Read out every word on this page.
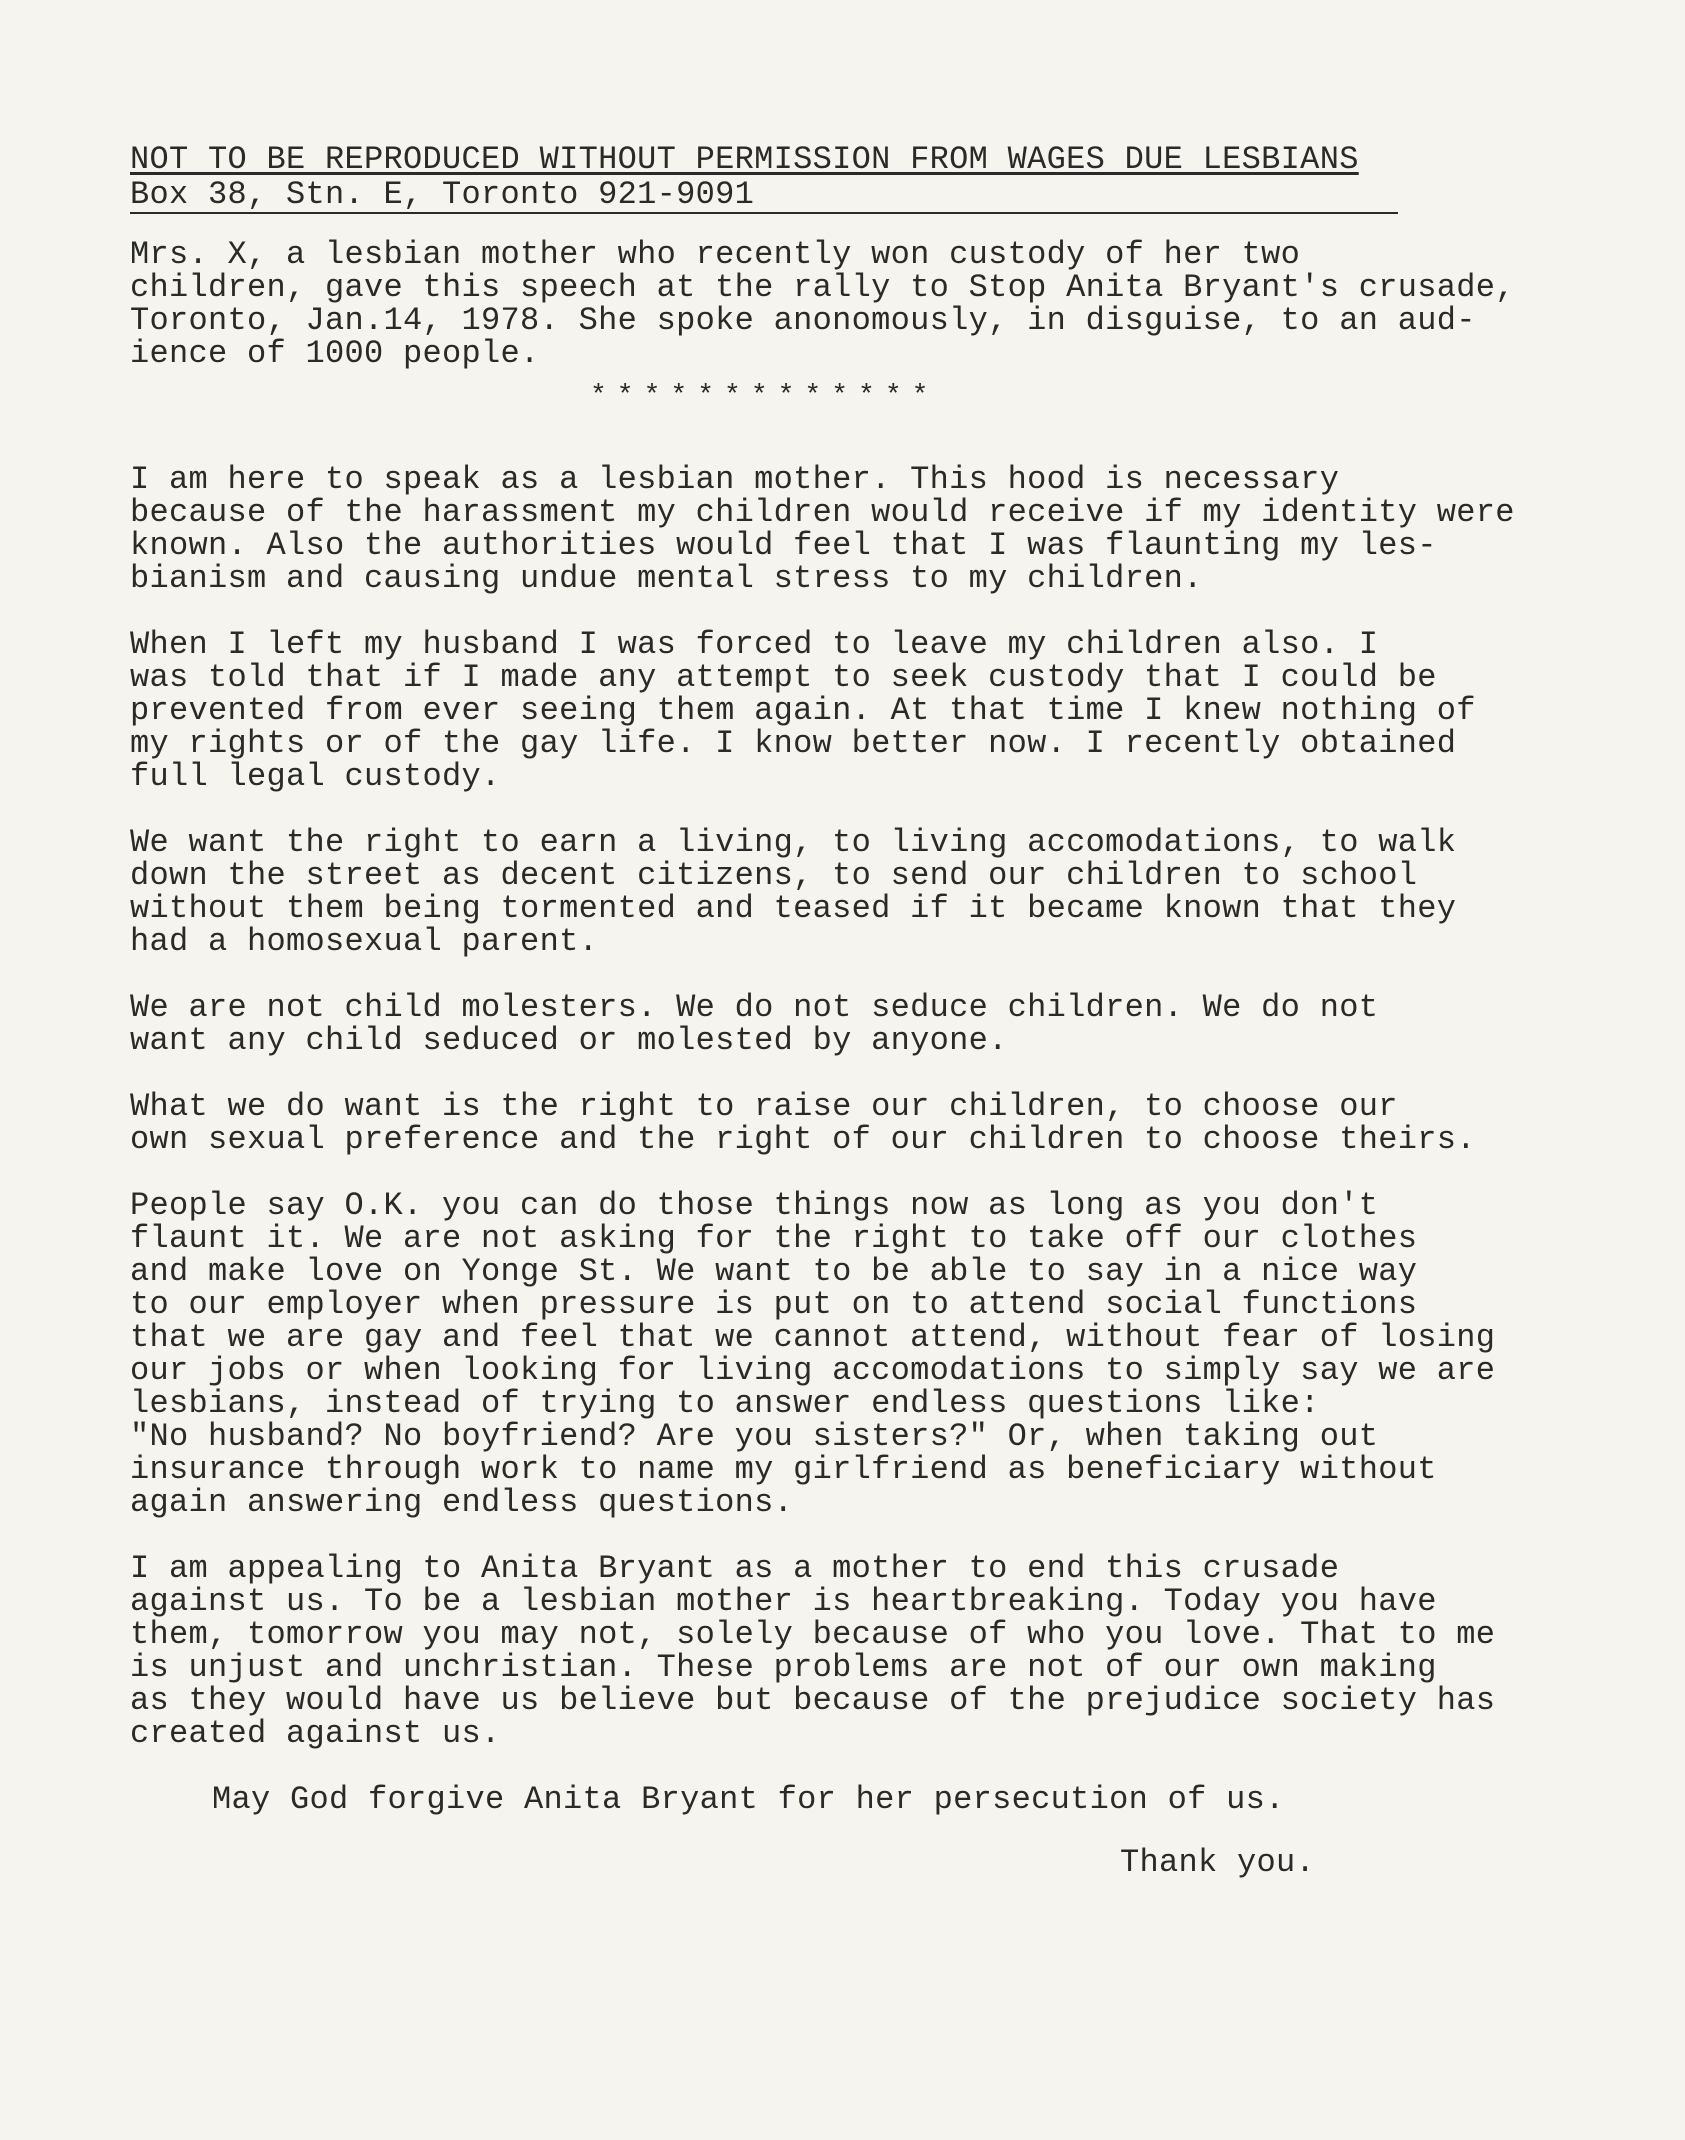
NOT TO BE REPRODUCED WITHOUT PERMISSION FROM WAGES DUE LESBIANS
Box 38, Stn. E, Toronto 921-9091

Mrs. X, a lesbian mother who recently won custody of her two
children, gave this speech at the rally to Stop Anita Bryant's crusade,
Toronto, Jan.14, 1978. She spoke anonomously, in disguise, to an aud-
ience of 1000 people.

*************

I am here to speak as a lesbian mother. This hood is necessary
because of the harassment my children would receive if my identity were
known. Also the authorities would feel that I was flaunting my les-
bianism and causing undue mental stress to my children.

When I left my husband I was forced to leave my children also. I
was told that if I made any attempt to seek custody that I could be
prevented from ever seeing them again. At that time I knew nothing of
my rights or of the gay life. I know better now. I recently obtained
full legal custody.

We want the right to earn a living, to living accomodations, to walk
down the street as decent citizens, to send our children to school
without them being tormented and teased if it became known that they
had a homosexual parent.

We are not child molesters. We do not seduce children. We do not
want any child seduced or molested by anyone.

What we do want is the right to raise our children, to choose our
own sexual preference and the right of our children to choose theirs.

People say O.K. you can do those things now as long as you don't
flaunt it. We are not asking for the right to take off our clothes
and make love on Yonge St. We want to be able to say in a nice way
to our employer when pressure is put on to attend social functions
that we are gay and feel that we cannot attend, without fear of losing
our jobs or when looking for living accomodations to simply say we are
lesbians, instead of trying to answer endless questions like:
"No husband? No boyfriend? Are you sisters?" Or, when taking out
insurance through work to name my girlfriend as beneficiary without
again answering endless questions.

I am appealing to Anita Bryant as a mother to end this crusade
against us. To be a lesbian mother is heartbreaking. Today you have
them, tomorrow you may not, solely because of who you love. That to me
is unjust and unchristian. These problems are not of our own making
as they would have us believe but because of the prejudice society has
created against us.

May God forgive Anita Bryant for her persecution of us.
Thank you.
